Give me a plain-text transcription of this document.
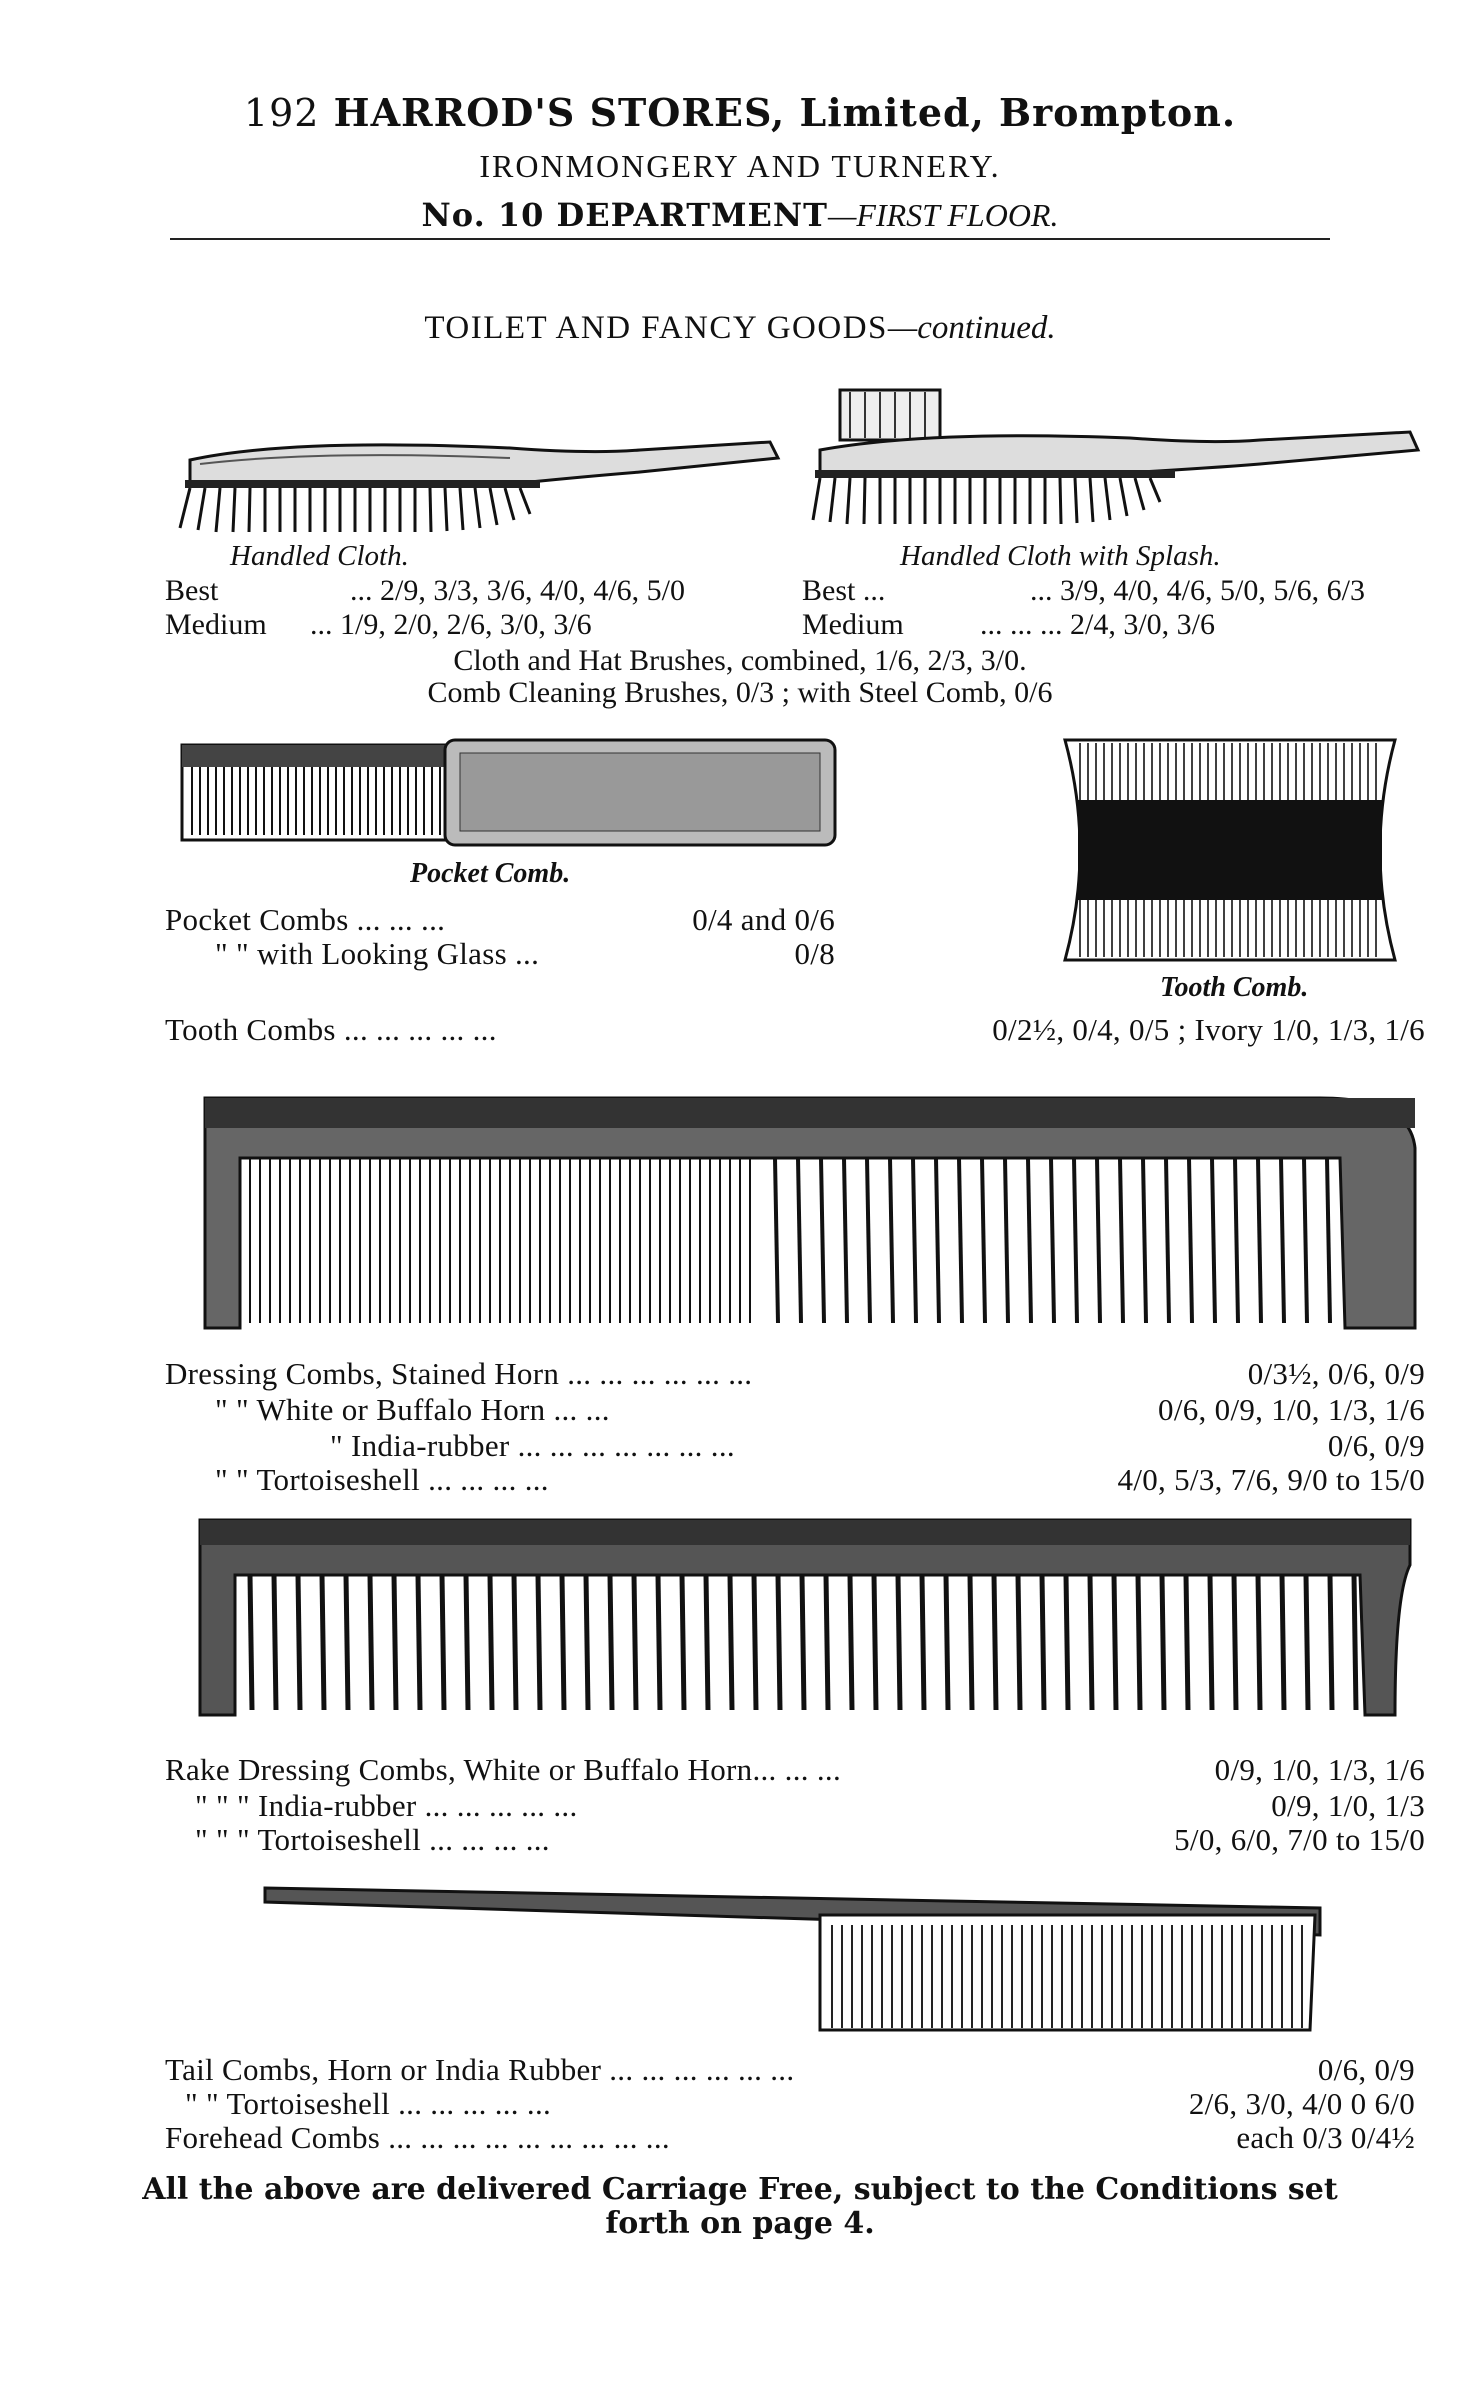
192 HARROD'S STORES, Limited, Brompton.
IRONMONGERY AND TURNERY.
No. 10 DEPARTMENT—FIRST FLOOR.
TOILET AND FANCY GOODS—continued.
Handled Cloth.	Handled Cloth with Splash.
Best	... 2/9, 3/3, 3/6, 4/0, 4/6, 5/0
Medium ... 1/9, 2/0, 2/6, 3/0, 3/6
Best ...	... 3/9, 4/0, 4/6, 5/0, 5/6, 6/3
Medium	... ... ... 2/4, 3/0, 3/6
Cloth and Hat Brushes, combined, 1/6, 2/3, 3/0.
Comb Cleaning Brushes, 0/3 ; with Steel Comb, 0/6
Pocket Comb.
Tooth Comb.
Pocket Combs ... ... ...	0/4 and 0/6
" " with Looking Glass ...	0/8
Tooth Combs ... ... ... ... ...	0/2½, 0/4, 0/5 ; Ivory 1/0, 1/3, 1/6
Dressing Combs, Stained Horn ... ... ... ... ... ...	0/3½, 0/6, 0/9
" " White or Buffalo Horn ... ...	0/6, 0/9, 1/0, 1/3, 1/6
" India-rubber ... ... ... ... ... ... ...	0/6, 0/9
" " Tortoiseshell ... ... ... ...	4/0, 5/3, 7/6, 9/0 to 15/0
Rake Dressing Combs, White or Buffalo Horn... ... ...	0/9, 1/0, 1/3, 1/6
" " " India-rubber ... ... ... ... ...	0/9, 1/0, 1/3
" " " Tortoiseshell ... ... ... ...	5/0, 6/0, 7/0 to 15/0
Tail Combs, Horn or India Rubber ... ... ... ... ... ...	0/6, 0/9
" " Tortoiseshell ... ... ... ... ...	2/6, 3/0, 4/0 0 6/0
Forehead Combs ... ... ... ... ... ... ... ... ...	each 0/3 0/4½
All the above are delivered Carriage Free, subject to the Conditions set
forth on page 4.
